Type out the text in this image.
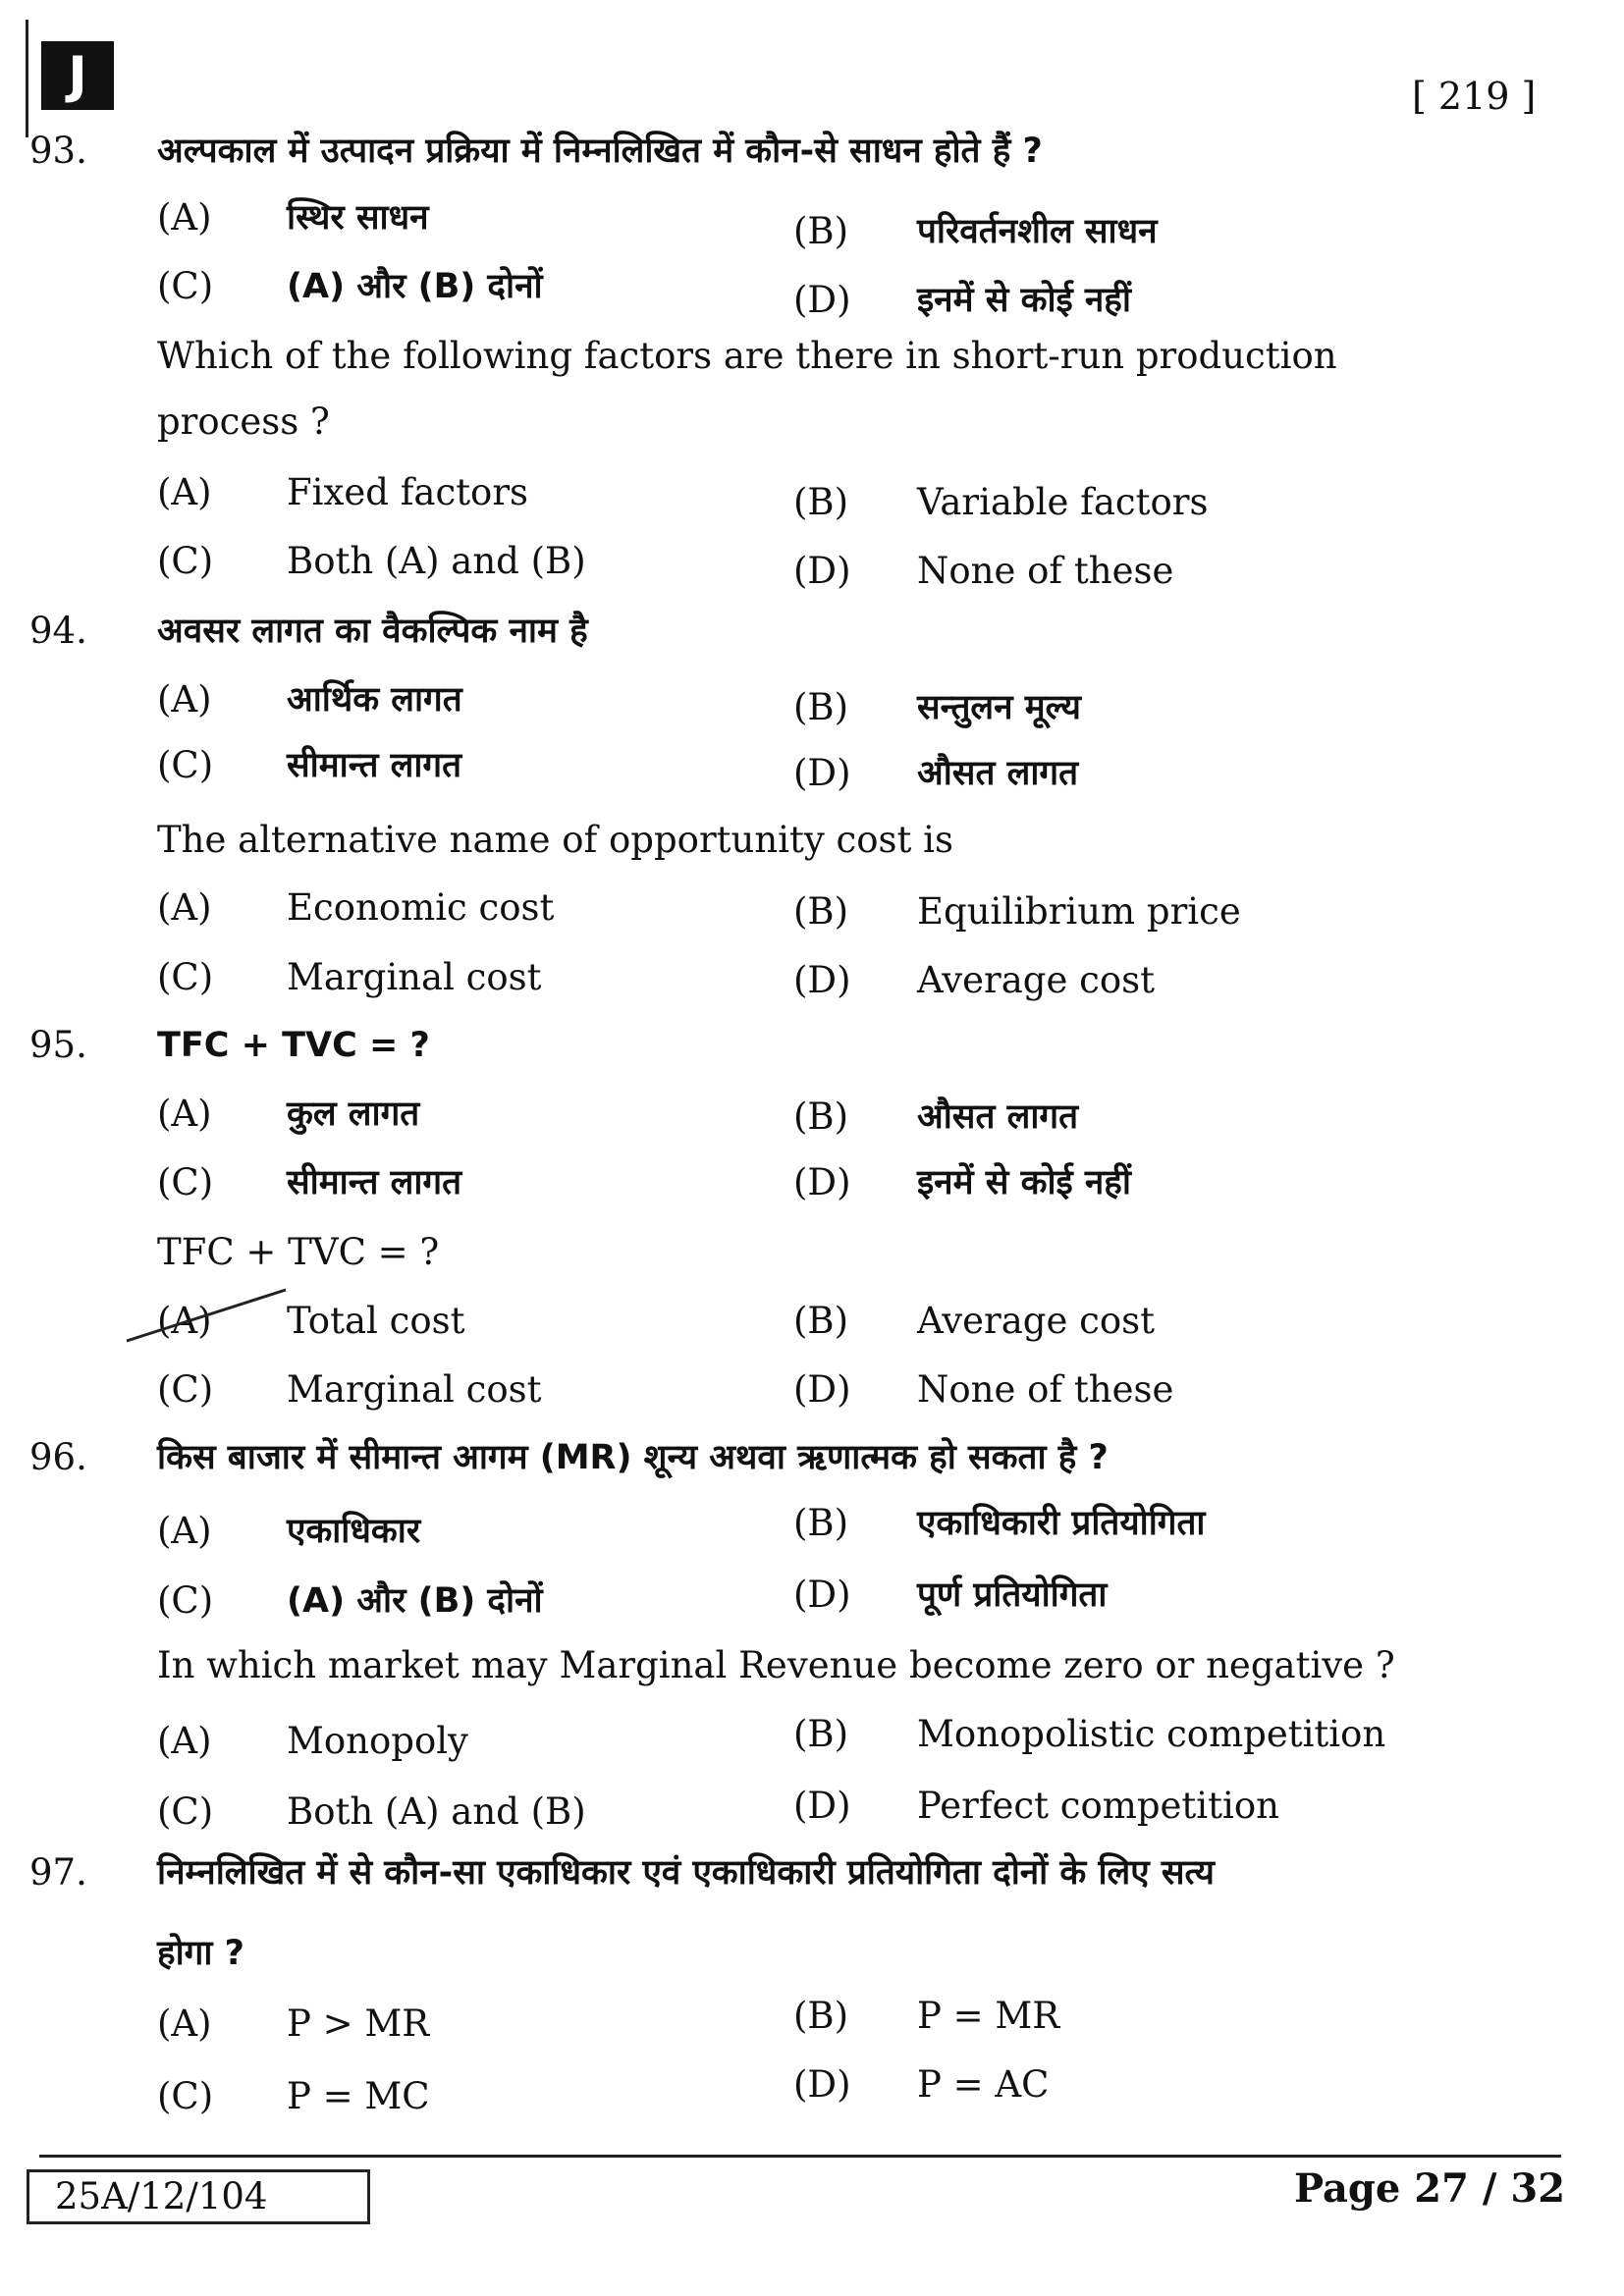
J	[ 219 ]
93. अल्पकाल में उत्पादन प्रक्रिया में निम्नलिखित में कौन-से साधन होते हैं ?
(A) स्थिर साधन	(B) परिवर्तनशील साधन
(C) (A) और (B) दोनों	(D) इनमें से कोई नहीं
Which of the following factors are there in short-run production
process ?
(A) Fixed factors	(B) Variable factors
(C) Both (A) and (B)	(D) None of these
94. अवसर लागत का वैकल्पिक नाम है
(A) आर्थिक लागत	(B) सन्तुलन मूल्य
(C) सीमान्त लागत	(D) औसत लागत
The alternative name of opportunity cost is
(A) Economic cost	(B) Equilibrium price
(C) Marginal cost	(D) Average cost
95. TFC + TVC = ?
(A) कुल लागत	(B) औसत लागत
(C) सीमान्त लागत	(D) इनमें से कोई नहीं
TFC + TVC = ?
(A) Total cost	(B) Average cost
(C) Marginal cost	(D) None of these
96. किस बाजार में सीमान्त आगम (MR) शून्य अथवा ऋणात्मक हो सकता है ?
(A) एकाधिकार	(B) एकाधिकारी प्रतियोगिता
(C) (A) और (B) दोनों	(D) पूर्ण प्रतियोगिता
In which market may Marginal Revenue become zero or negative ?
(A) Monopoly	(B) Monopolistic competition
(C) Both (A) and (B)	(D) Perfect competition
97. निम्नलिखित में से कौन-सा एकाधिकार एवं एकाधिकारी प्रतियोगिता दोनों के लिए सत्य
होगा ?
(A) P > MR	(B) P = MR
(C) P = MC	(D) P = AC
25A/12/104	Page 27 / 32
